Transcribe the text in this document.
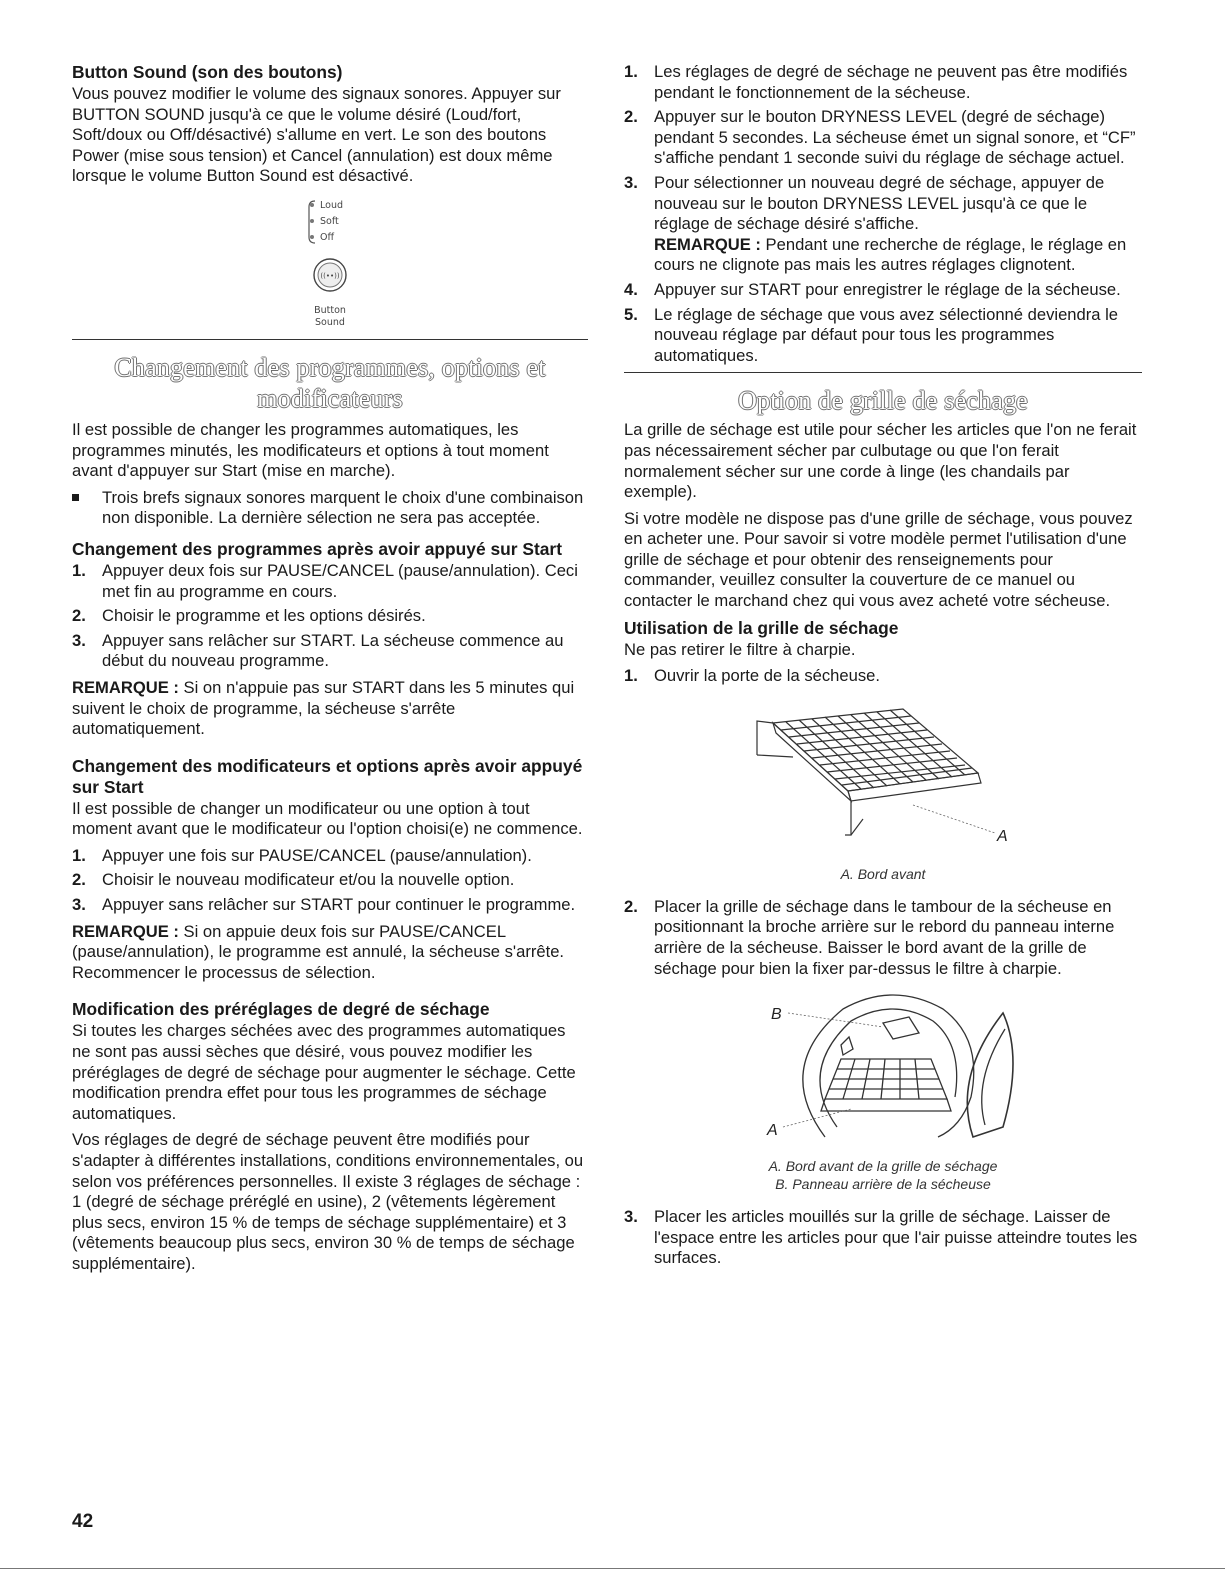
Button Sound (son des boutons)

Vous pouvez modifier le volume des signaux sonores. Appuyer sur BUTTON SOUND jusqu'à ce que le volume désiré (Loud/fort, Soft/doux ou Off/désactivé) s'allume en vert. Le son des boutons Power (mise sous tension) et Cancel (annulation) est doux même lorsque le volume Button Sound est désactivé.

Loud
Soft
Off
((••))
Button
Sound
Changement des programmes, options et
modificateurs

Il est possible de changer les programmes automatiques, les programmes minutés, les modificateurs et options à tout moment avant d'appuyer sur Start (mise en marche).

Trois brefs signaux sonores marquent le choix d'une combinaison non disponible. La dernière sélection ne sera pas acceptée.
Changement des programmes après avoir appuyé sur Start
1. Appuyer deux fois sur PAUSE/CANCEL (pause/annulation). Ceci met fin au programme en cours.
2. Choisir le programme et les options désirés.
3. Appuyer sans relâcher sur START. La sécheuse commence au début du nouveau programme.

REMARQUE : Si on n'appuie pas sur START dans les 5 minutes qui suivent le choix de programme, la sécheuse s'arrête automatiquement.

Changement des modificateurs et options après avoir appuyé sur Start

Il est possible de changer un modificateur ou une option à tout moment avant que le modificateur ou l'option choisi(e) ne commence.

1. Appuyer une fois sur PAUSE/CANCEL (pause/annulation).
2. Choisir le nouveau modificateur et/ou la nouvelle option.
3. Appuyer sans relâcher sur START pour continuer le programme.

REMARQUE : Si on appuie deux fois sur PAUSE/CANCEL (pause/annulation), le programme est annulé, la sécheuse s'arrête. Recommencer le processus de sélection.

Modification des préréglages de degré de séchage

Si toutes les charges séchées avec des programmes automatiques ne sont pas aussi sèches que désiré, vous pouvez modifier les préréglages de degré de séchage pour augmenter le séchage. Cette modification prendra effet pour tous les programmes de séchage automatiques.

Vos réglages de degré de séchage peuvent être modifiés pour s'adapter à différentes installations, conditions environnementales, ou selon vos préférences personnelles. Il existe 3 réglages de séchage : 1 (degré de séchage préréglé en usine), 2 (vêtements légèrement plus secs, environ 15 % de temps de séchage supplémentaire) et 3 (vêtements beaucoup plus secs, environ 30 % de temps de séchage supplémentaire).

1. Les réglages de degré de séchage ne peuvent pas être modifiés pendant le fonctionnement de la sécheuse.
2. Appuyer sur le bouton DRYNESS LEVEL (degré de séchage) pendant 5 secondes. La sécheuse émet un signal sonore, et “CF” s'affiche pendant 1 seconde suivi du réglage de séchage actuel.
3. Pour sélectionner un nouveau degré de séchage, appuyer de nouveau sur le bouton DRYNESS LEVEL jusqu'à ce que le réglage de séchage désiré s'affiche.
REMARQUE : Pendant une recherche de réglage, le réglage en cours ne clignote pas mais les autres réglages clignotent.
4. Appuyer sur START pour enregistrer le réglage de la sécheuse.
5. Le réglage de séchage que vous avez sélectionné deviendra le nouveau réglage par défaut pour tous les programmes automatiques.
Option de grille de séchage

La grille de séchage est utile pour sécher les articles que l'on ne ferait pas nécessairement sécher par culbutage ou que l'on ferait normalement sécher sur une corde à linge (les chandails par exemple).

Si votre modèle ne dispose pas d'une grille de séchage, vous pouvez en acheter une. Pour savoir si votre modèle permet l'utilisation d'une grille de séchage et pour obtenir des renseignements pour commander, veuillez consulter la couverture de ce manuel ou contacter le marchand chez qui vous avez acheté votre sécheuse.

Utilisation de la grille de séchage

Ne pas retirer le filtre à charpie.

1. Ouvrir la porte de la sécheuse.
A

A. Bord avant

2. Placer la grille de séchage dans le tambour de la sécheuse en positionnant la broche arrière sur le rebord du panneau interne arrière de la sécheuse. Baisser le bord avant de la grille de séchage pour bien la fixer par-dessus le filtre à charpie.
B
A

A. Bord avant de la grille de séchage

B. Panneau arrière de la sécheuse

3. Placer les articles mouillés sur la grille de séchage. Laisser de l'espace entre les articles pour que l'air puisse atteindre toutes les surfaces.
42
